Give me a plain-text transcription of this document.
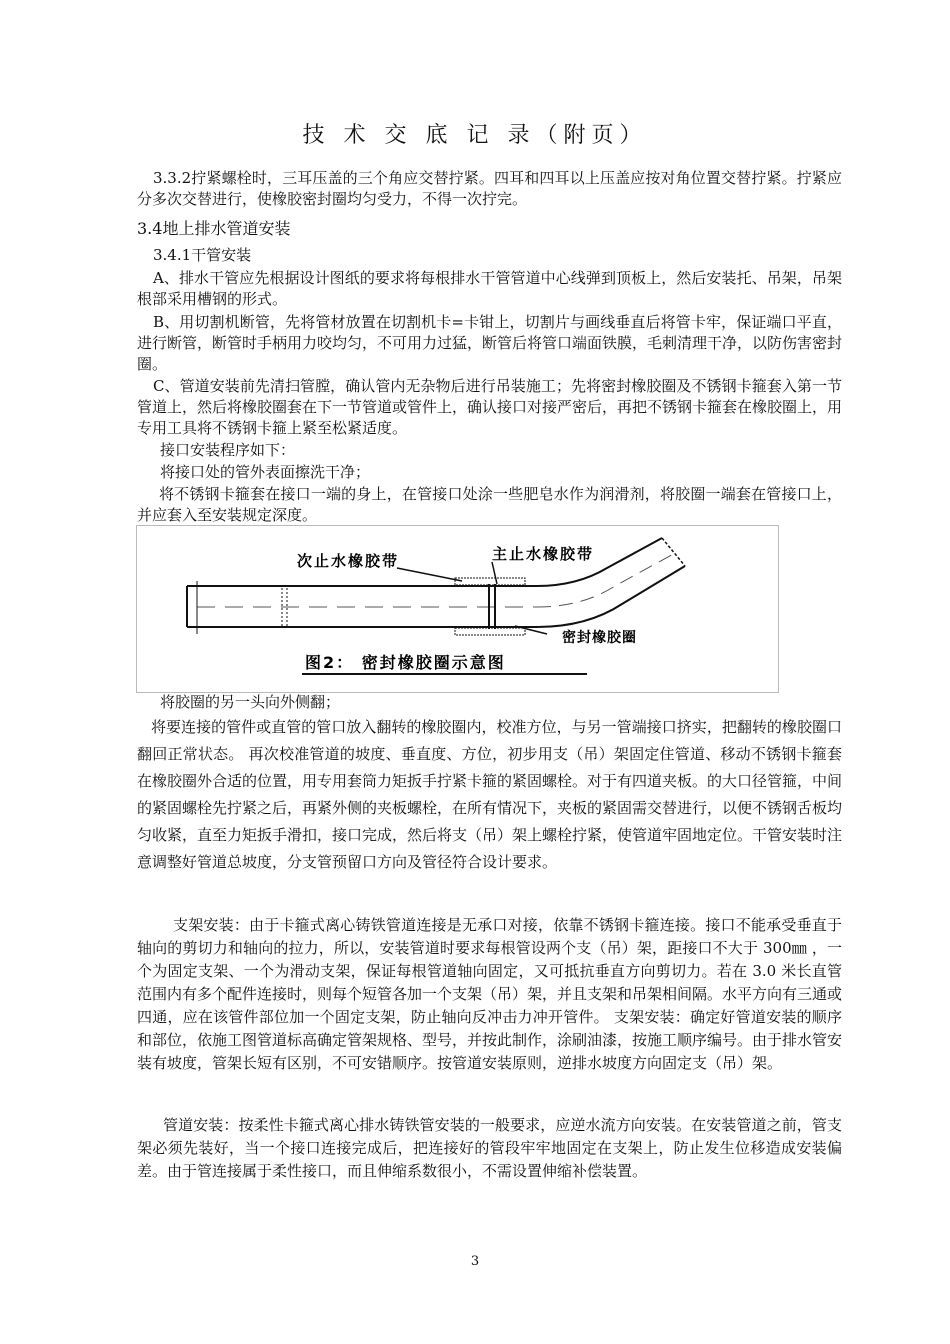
技 术 交 底 记 录（附页）
3.3.2拧紧螺栓时，三耳压盖的三个角应交替拧紧。四耳和四耳以上压盖应按对角位置交替拧紧。拧紧应分多次交替进行，使橡胶密封圈均匀受力，不得一次拧完。
3.4地上排水管道安装
3.4.1干管安装
A、排水干管应先根据设计图纸的要求将每根排水干管管道中心线弹到顶板上，然后安装托、吊架，吊架根部采用槽钢的形式。
B、用切割机断管，先将管材放置在切割机卡=卡钳上，切割片与画线垂直后将管卡牢，保证端口平直，进行断管，断管时手柄用力咬均匀，不可用力过猛，断管后将管口端面铁膜，毛刺清理干净，以防伤害密封圈。
C、管道安装前先清扫管膛，确认管内无杂物后进行吊装施工；先将密封橡胶圈及不锈钢卡箍套入第一节管道上，然后将橡胶圈套在下一节管道或管件上，确认接口对接严密后，再把不锈钢卡箍套在橡胶圈上，用专用工具将不锈钢卡箍上紧至松紧适度。
接口安装程序如下：
将接口处的管外表面擦洗干净；
将不锈钢卡箍套在接口一端的身上，在管接口处涂一些肥皂水作为润滑剂，将胶圈一端套在管接口上，并应套入至安装规定深度。
次止水橡胶带	主止水橡胶带
密封橡胶圈
图2： 密封橡胶圈示意图
将胶圈的另一头向外侧翻；
将要连接的管件或直管的管口放入翻转的橡胶圈内，校准方位，与另一管端接口挤实，把翻转的橡胶圈口翻回正常状态。 再次校准管道的坡度、垂直度、方位，初步用支（吊）架固定住管道、移动不锈钢卡箍套在橡胶圈外合适的位置，用专用套筒力矩扳手拧紧卡箍的紧固螺栓。对于有四道夹板。的大口径管箍，中间的紧固螺栓先拧紧之后，再紧外侧的夹板螺栓，在所有情况下，夹板的紧固需交替进行，以便不锈钢舌板均匀收紧，直至力矩扳手滑扣，接口完成，然后将支（吊）架上螺栓拧紧，使管道牢固地定位。干管安装时注意调整好管道总坡度，分支管预留口方向及管径符合设计要求。
支架安装：由于卡箍式离心铸铁管道连接是无承口对接，依靠不锈钢卡箍连接。接口不能承受垂直于轴向的剪切力和轴向的拉力，所以，安装管道时要求每根管设两个支（吊）架，距接口不大于 300㎜ ，一个为固定支架、一个为滑动支架，保证每根管道轴向固定，又可抵抗垂直方向剪切力。若在 3.0 米长直管范围内有多个配件连接时，则每个短管各加一个支架（吊）架，并且支架和吊架相间隔。水平方向有三通或四通，应在该管件部位加一个固定支架，防止轴向反冲击力冲开管件。 支架安装：确定好管道安装的顺序和部位，依施工图管道标高确定管架规格、型号，并按此制作，涂刷油漆，按施工顺序编号。由于排水管安装有坡度，管架长短有区别，不可安错顺序。按管道安装原则，逆排水坡度方向固定支（吊）架。
管道安装：按柔性卡箍式离心排水铸铁管安装的一般要求，应逆水流方向安装。在安装管道之前，管支架必须先装好，当一个接口连接完成后，把连接好的管段牢牢地固定在支架上，防止发生位移造成安装偏差。由于管连接属于柔性接口，而且伸缩系数很小，不需设置伸缩补偿装置。
3
